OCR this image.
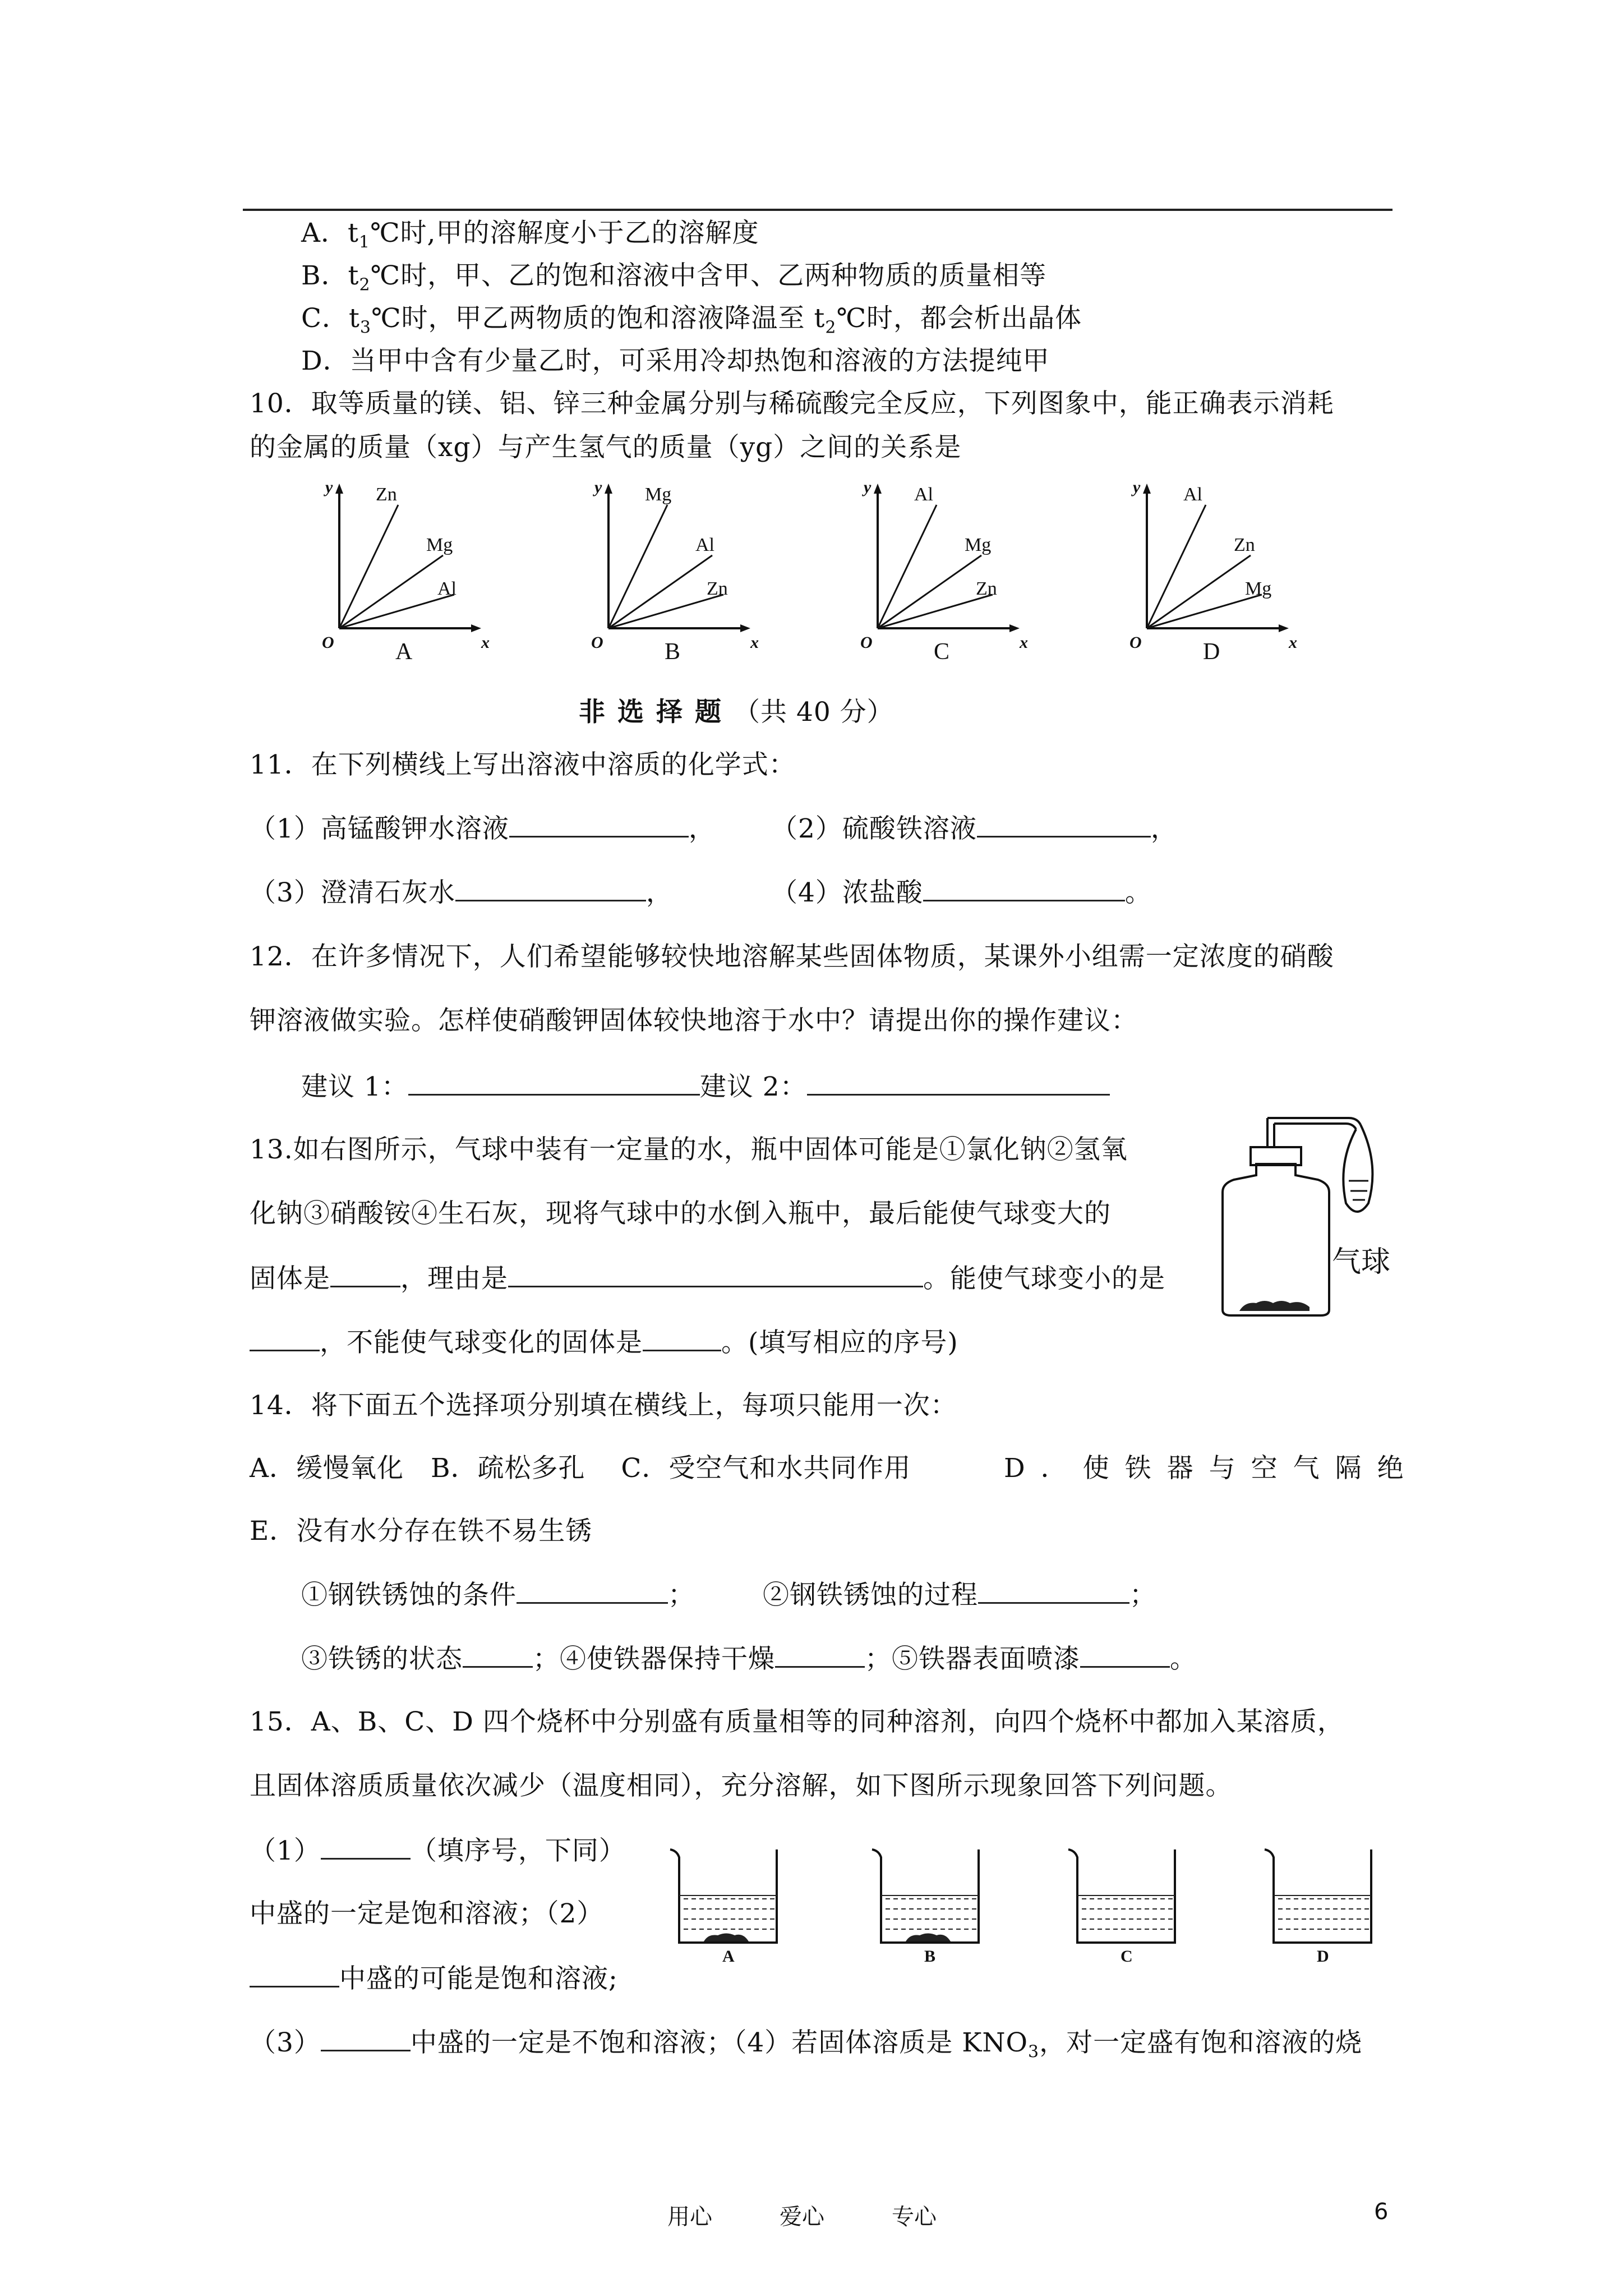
A．$t_1℃$时,甲的溶解度小于乙的溶解度
B．$t_2℃$时，甲、乙的饱和溶液中含甲、乙两种物质的质量相等
C．$t_3℃$时，甲乙两物质的饱和溶液降温至 $t_2℃$时，都会析出晶体
D．当甲中含有少量乙时，可采用冷却热饱和溶液的方法提纯甲
10．取等质量的镁、铝、锌三种金属分别与稀硫酸完全反应，下列图象中，能正确表示消耗
的金属的质量（xg）与产生氢气的质量（yg）之间的关系是
y
x
O
Zn
Mg
Al
A
y
x
O
Mg
Al
Zn
B
y
x
O
Al
Mg
Zn
C
y
x
O
Al
Zn
Mg
D
非选择题（共 40 分）
11．在下列横线上写出溶液中溶质的化学式：
（1）高锰酸钾水溶液	， （2）硫酸铁溶液	，
（3）澄清石灰水	，	（4）浓盐酸	。
12．在许多情况下，人们希望能够较快地溶解某些固体物质，某课外小组需一定浓度的硝酸
钾溶液做实验。怎样使硝酸钾固体较快地溶于水中？请提出你的操作建议：
建议 1：	建议 2：
13.如右图所示，气球中装有一定量的水，瓶中固体可能是①氯化钠②氢氧
化钠③硝酸铵④生石灰，现将气球中的水倒入瓶中，最后能使气球变大的
固体是	，理由是	。能使气球变小的是
，不能使气球变化的固体是	。(填写相应的序号)
气球
14．将下面五个选择项分别填在横线上，每项只能用一次：
A．缓慢氧化　B．疏松多孔　 C．受空气和水共同作用	D．使铁器与空气隔绝
E．没有水分存在铁不易生锈
①钢铁锈蚀的条件	；	②钢铁锈蚀的过程	；
③铁锈的状态	；④使铁器保持干燥	；⑤铁器表面喷漆	。
15．A、B、C、D 四个烧杯中分别盛有质量相等的同种溶剂，向四个烧杯中都加入某溶质，
且固体溶质质量依次减少（温度相同），充分溶解，如下图所示现象回答下列问题。
（1）	（填序号，下同）
中盛的一定是饱和溶液；（2）
中盛的可能是饱和溶液;
（3）	中盛的一定是不饱和溶液；（4）若固体溶质是 $KNO_3$，对一定盛有饱和溶液的烧
A	B	C	D
用心　　　爱心　　　专心	6
